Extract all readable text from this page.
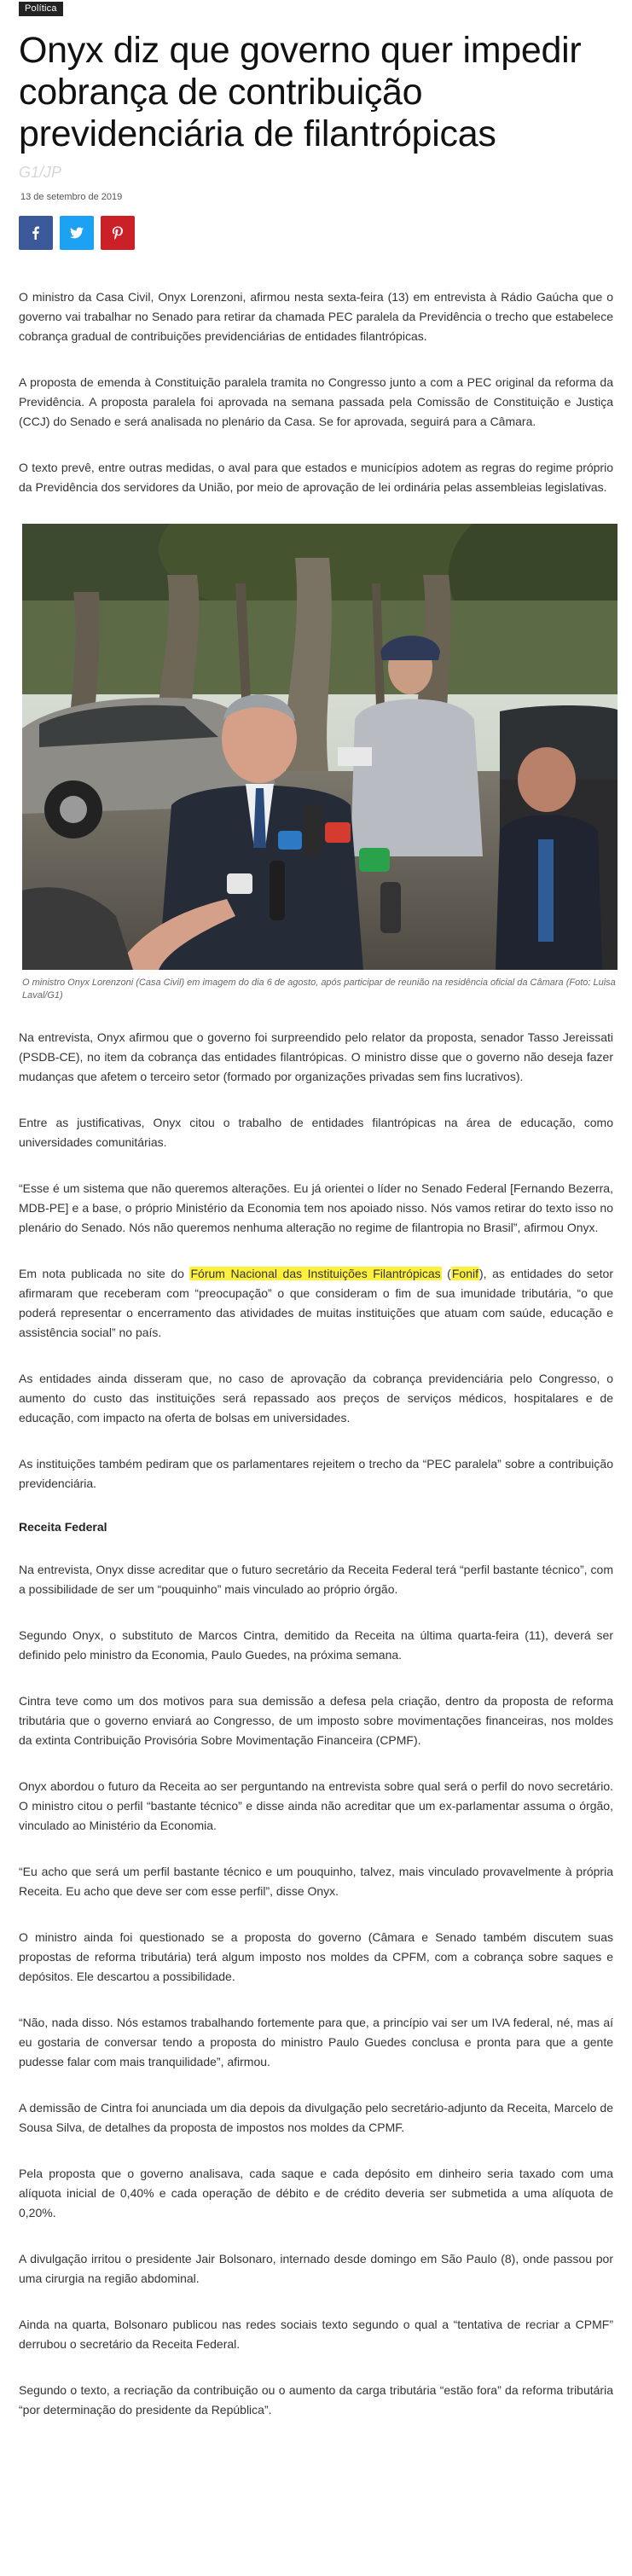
Política
Onyx diz que governo quer impedir cobrança de contribuição previdenciária de filantrópicas
G1/JP
13 de setembro de 2019

O ministro da Casa Civil, Onyx Lorenzoni, afirmou nesta sexta-feira (13) em entrevista à Rádio Gaúcha que o governo vai trabalhar no Senado para retirar da chamada PEC paralela da Previdência o trecho que estabelece cobrança gradual de contribuições previdenciárias de entidades filantrópicas.

A proposta de emenda à Constituição paralela tramita no Congresso junto a com a PEC original da reforma da Previdência. A proposta paralela foi aprovada na semana passada pela Comissão de Constituição e Justiça (CCJ) do Senado e será analisada no plenário da Casa. Se for aprovada, seguirá para a Câmara.

O texto prevê, entre outras medidas, o aval para que estados e municípios adotem as regras do regime próprio da Previdência dos servidores da União, por meio de aprovação de lei ordinária pelas assembleias legislativas.

O ministro Onyx Lorenzoni (Casa Civil) em imagem do dia 6 de agosto, após participar de reunião na residência oficial da Câmara (Foto: Luisa Laval/G1)

Na entrevista, Onyx afirmou que o governo foi surpreendido pelo relator da proposta, senador Tasso Jereissati (PSDB-CE), no item da cobrança das entidades filantrópicas. O ministro disse que o governo não deseja fazer mudanças que afetem o terceiro setor (formado por organizações privadas sem fins lucrativos).

Entre as justificativas, Onyx citou o trabalho de entidades filantrópicas na área de educação, como universidades comunitárias.

“Esse é um sistema que não queremos alterações. Eu já orientei o líder no Senado Federal [Fernando Bezerra, MDB-PE] e a base, o próprio Ministério da Economia tem nos apoiado nisso. Nós vamos retirar do texto isso no plenário do Senado. Nós não queremos nenhuma alteração no regime de filantropia no Brasil”, afirmou Onyx.

Em nota publicada no site do Fórum Nacional das Instituições Filantrópicas (Fonif), as entidades do setor afirmaram que receberam com “preocupação” o que consideram o fim de sua imunidade tributária, “o que poderá representar o encerramento das atividades de muitas instituições que atuam com saúde, educação e assistência social” no país.

As entidades ainda disseram que, no caso de aprovação da cobrança previdenciária pelo Congresso, o aumento do custo das instituições será repassado aos preços de serviços médicos, hospitalares e de educação, com impacto na oferta de bolsas em universidades.

As instituições também pediram que os parlamentares rejeitem o trecho da “PEC paralela” sobre a contribuição previdenciária.

Receita Federal

Na entrevista, Onyx disse acreditar que o futuro secretário da Receita Federal terá “perfil bastante técnico”, com a possibilidade de ser um “pouquinho” mais vinculado ao próprio órgão.

Segundo Onyx, o substituto de Marcos Cintra, demitido da Receita na última quarta-feira (11), deverá ser definido pelo ministro da Economia, Paulo Guedes, na próxima semana.

Cintra teve como um dos motivos para sua demissão a defesa pela criação, dentro da proposta de reforma tributária que o governo enviará ao Congresso, de um imposto sobre movimentações financeiras, nos moldes da extinta Contribuição Provisória Sobre Movimentação Financeira (CPMF).

Onyx abordou o futuro da Receita ao ser perguntando na entrevista sobre qual será o perfil do novo secretário. O ministro citou o perfil “bastante técnico” e disse ainda não acreditar que um ex-parlamentar assuma o órgão, vinculado ao Ministério da Economia.

“Eu acho que será um perfil bastante técnico e um pouquinho, talvez, mais vinculado provavelmente à própria Receita. Eu acho que deve ser com esse perfil”, disse Onyx.

O ministro ainda foi questionado se a proposta do governo (Câmara e Senado também discutem suas propostas de reforma tributária) terá algum imposto nos moldes da CPFM, com a cobrança sobre saques e depósitos. Ele descartou a possibilidade.

“Não, nada disso. Nós estamos trabalhando fortemente para que, a princípio vai ser um IVA federal, né, mas aí eu gostaria de conversar tendo a proposta do ministro Paulo Guedes conclusa e pronta para que a gente pudesse falar com mais tranquilidade”, afirmou.

A demissão de Cintra foi anunciada um dia depois da divulgação pelo secretário-adjunto da Receita, Marcelo de Sousa Silva, de detalhes da proposta de impostos nos moldes da CPMF.

Pela proposta que o governo analisava, cada saque e cada depósito em dinheiro seria taxado com uma alíquota inicial de 0,40% e cada operação de débito e de crédito deveria ser submetida a uma alíquota de 0,20%.

A divulgação irritou o presidente Jair Bolsonaro, internado desde domingo em São Paulo (8), onde passou por uma cirurgia na região abdominal.

Ainda na quarta, Bolsonaro publicou nas redes sociais texto segundo o qual a “tentativa de recriar a CPMF” derrubou o secretário da Receita Federal.

Segundo o texto, a recriação da contribuição ou o aumento da carga tributária “estão fora” da reforma tributária “por determinação do presidente da República”.
